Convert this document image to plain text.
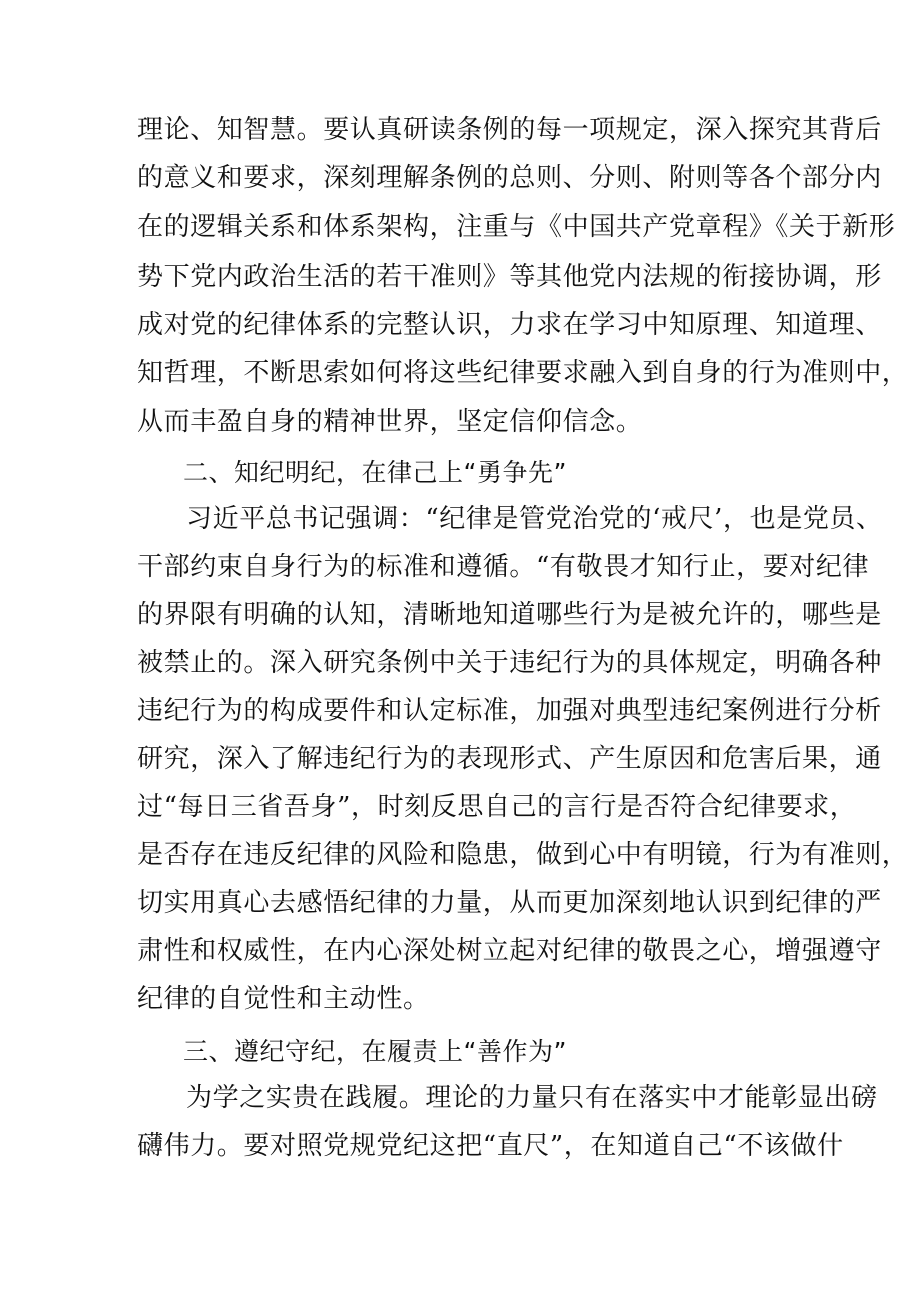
理论、知智慧。要认真研读条例的每一项规定，深入探究其背后
的意义和要求，深刻理解条例的总则、分则、附则等各个部分内
在的逻辑关系和体系架构，注重与《中国共产党章程》《关于新形
势下党内政治生活的若干准则》等其他党内法规的衔接协调，形
成对党的纪律体系的完整认识，力求在学习中知原理、知道理、
知哲理，不断思索如何将这些纪律要求融入到自身的行为准则中，
从而丰盈自身的精神世界，坚定信仰信念。
二、知纪明纪，在律己上“勇争先”
习近平总书记强调：“纪律是管党治党的‘戒尺’，也是党员、
干部约束自身行为的标准和遵循。“有敬畏才知行止，要对纪律
的界限有明确的认知，清晰地知道哪些行为是被允许的，哪些是
被禁止的。深入研究条例中关于违纪行为的具体规定，明确各种
违纪行为的构成要件和认定标准，加强对典型违纪案例进行分析
研究，深入了解违纪行为的表现形式、产生原因和危害后果，通
过“每日三省吾身”，时刻反思自己的言行是否符合纪律要求，
是否存在违反纪律的风险和隐患，做到心中有明镜，行为有准则，
切实用真心去感悟纪律的力量，从而更加深刻地认识到纪律的严
肃性和权威性，在内心深处树立起对纪律的敬畏之心，增强遵守
纪律的自觉性和主动性。
三、遵纪守纪，在履责上“善作为”
为学之实贵在践履。理论的力量只有在落实中才能彰显出磅
礴伟力。要对照党规党纪这把“直尺”，在知道自己“不该做什
